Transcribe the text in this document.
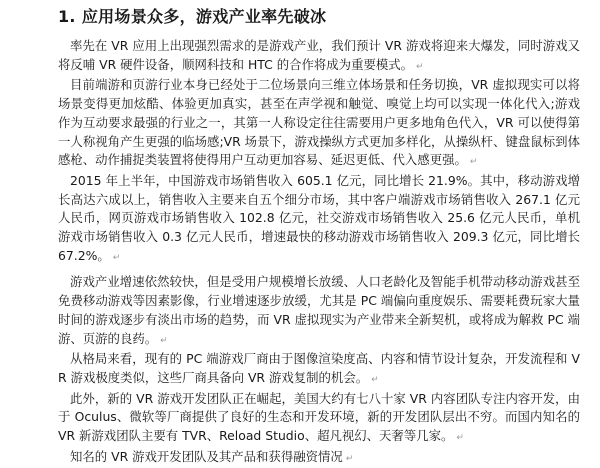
1. 应用场景众多，游戏产业率先破冰

率先在 VR 应用上出现强烈需求的是游戏产业，我们预计 VR 游戏将迎来大爆发，同时游戏又将反哺 VR 硬件设备，顺网科技和 HTC 的合作将成为重要模式。 ↵

目前端游和页游行业本身已经处于二位场景向三维立体场景和任务切换，VR 虚拟现实可以将场景变得更加炫酷、体验更加真实，甚至在声学视和触觉、嗅觉上均可以实现一体化代入;游戏作为互动要求最强的行业之一，其第一人称设定往往需要用户更多地角色代入，VR 可以使得第一人称视角产生更强的临场感;VR 场景下，游戏操纵方式更加多样化，从操纵杆、键盘鼠标到体感枪、动作捕捉类装置将使得用户互动更加容易、延迟更低、代入感更强。 ↵

2015 年上半年，中国游戏市场销售收入 605.1 亿元，同比增长 21.9%。其中，移动游戏增长高达六成以上，销售收入主要来自五个细分市场，其中客户端游戏市场销售收入 267.1 亿元人民币，网页游戏市场销售收入 102.8 亿元，社交游戏市场销售收入 25.6 亿元人民币，单机游戏市场销售收入 0.3 亿元人民币，增速最快的移动游戏市场销售收入 209.3 亿元，同比增长 67.2%。 ↵

游戏产业增速依然较快，但是受用户规模增长放缓、人口老龄化及智能手机带动移动游戏甚至免费移动游戏等因素影像，行业增速逐步放缓，尤其是 PC 端偏向重度娱乐、需要耗费玩家大量时间的游戏逐步有淡出市场的趋势，而 VR 虚拟现实为产业带来全新契机，或将成为解救 PC 端游、页游的良药。 ↵

从格局来看，现有的 PC 端游戏厂商由于图像渲染度高、内容和情节设计复杂，开发流程和 VR 游戏极度类似，这些厂商具备向 VR 游戏复制的机会。 ↵

此外，新的 VR 游戏开发团队正在崛起，美国大约有七八十家 VR 内容团队专注内容开发，由于 Oculus、微软等厂商提供了良好的生态和开发环境，新的开发团队层出不穷。而国内知名的 VR 新游戏团队主要有 TVR、Reload Studio、超凡视幻、天奢等几家。 ↵

知名的 VR 游戏开发团队及其产品和获得融资情况 ↵
